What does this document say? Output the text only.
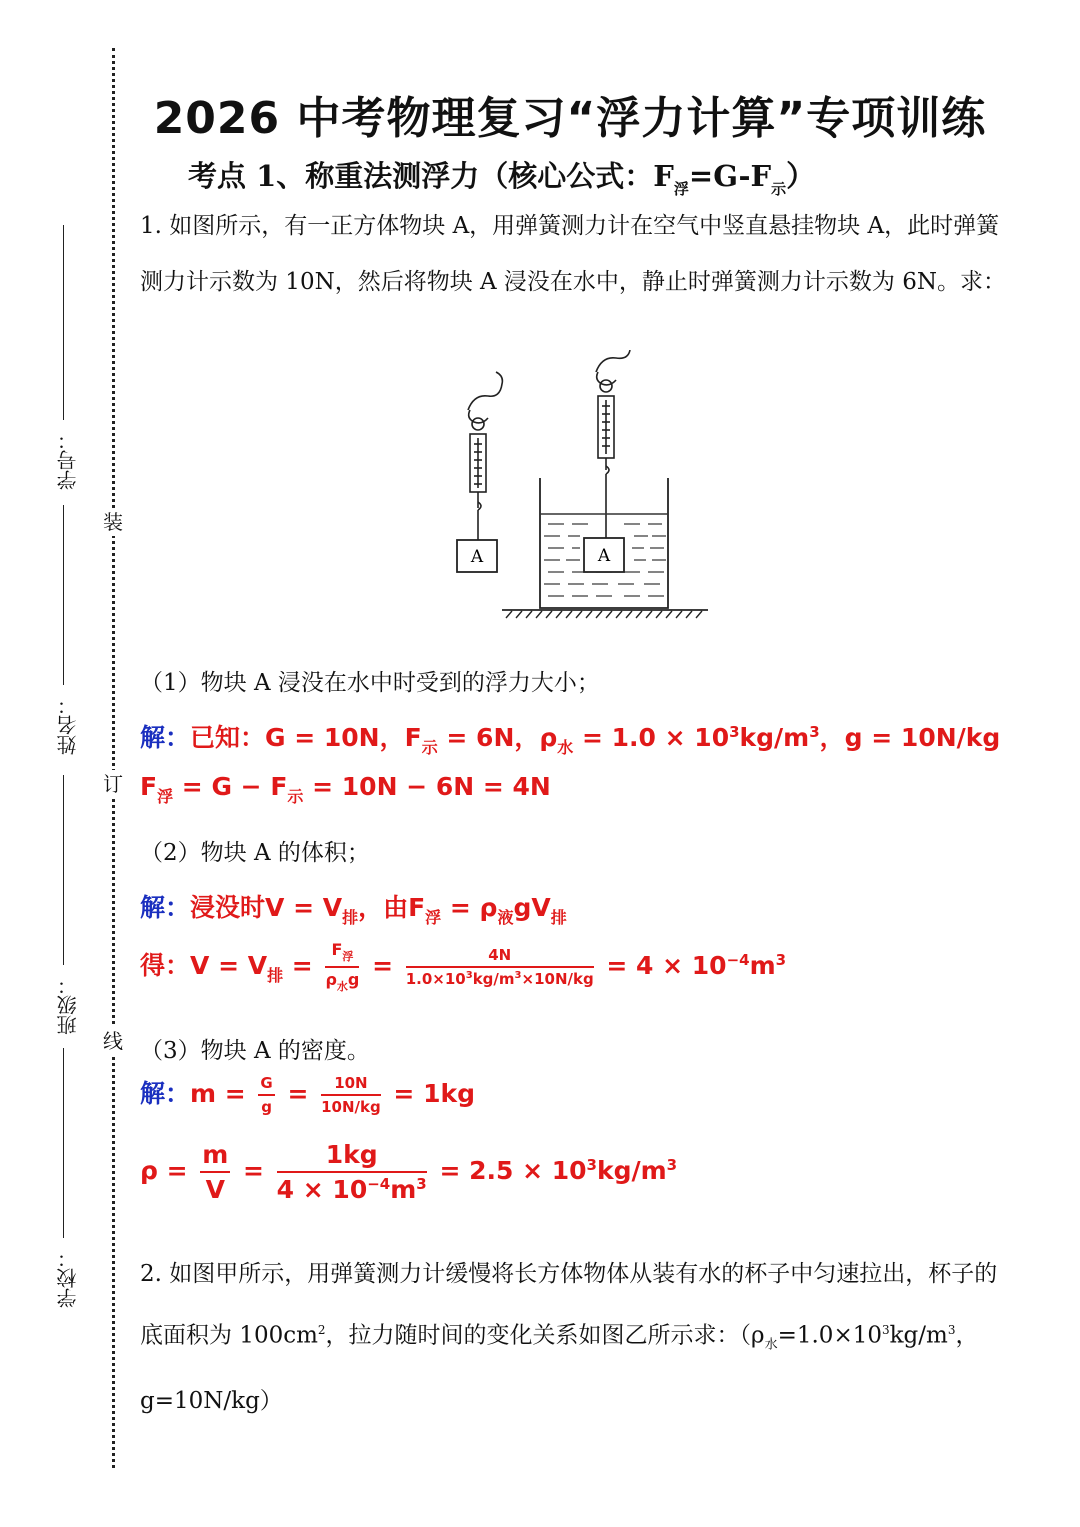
装
订
线
学号：
姓名：
班级：
学校：
2026 中考物理复习“浮力计算”专项训练
考点 1、称重法测浮力（核心公式：$F_浮=G-F_示$）
1. 如图所示，有一正方体物块 A，用弹簧测力计在空气中竖直悬挂物块 A，此时弹簧测力计示数为 10N，然后将物块 A 浸没在水中，静止时弹簧测力计示数为 6N。求：
A	A
（1）物块 A 浸没在水中时受到的浮力大小；
解：已知：G = 10N，$F_示 = 6N$，$\rho_水 = 1.0 \times 10^3kg/m^3$，g = 10N/kg
$F_浮 = G - F_示 = 10N - 6N = 4N$
（2）物块 A 的体积；
解：浸没时$V = V_排$，由$F_浮 = \rho_液gV_排$
得：$V = V_排 = \frac{F_浮}{\rho_水g} = \frac{4N}{1.0\times 10^3kg/m^3\times 10N/kg} = 4 \times 10^{-4}m^3$
（3）物块 A 的密度。
解：$m = \frac{G}{g} = \frac{10N}{10N/kg} = 1kg$
$\rho = \frac{m}{V} = \frac{1kg}{4 \times 10^{-4}m^3} = 2.5 \times 10^3kg/m^3$
2. 如图甲所示，用弹簧测力计缓慢将长方体物体从装有水的杯子中匀速拉出，杯子的底面积为 $100cm^2$，拉力随时间的变化关系如图乙所示求：（$\rho_水=1.0\times 10^3kg/m^3$，g=10N/kg）
